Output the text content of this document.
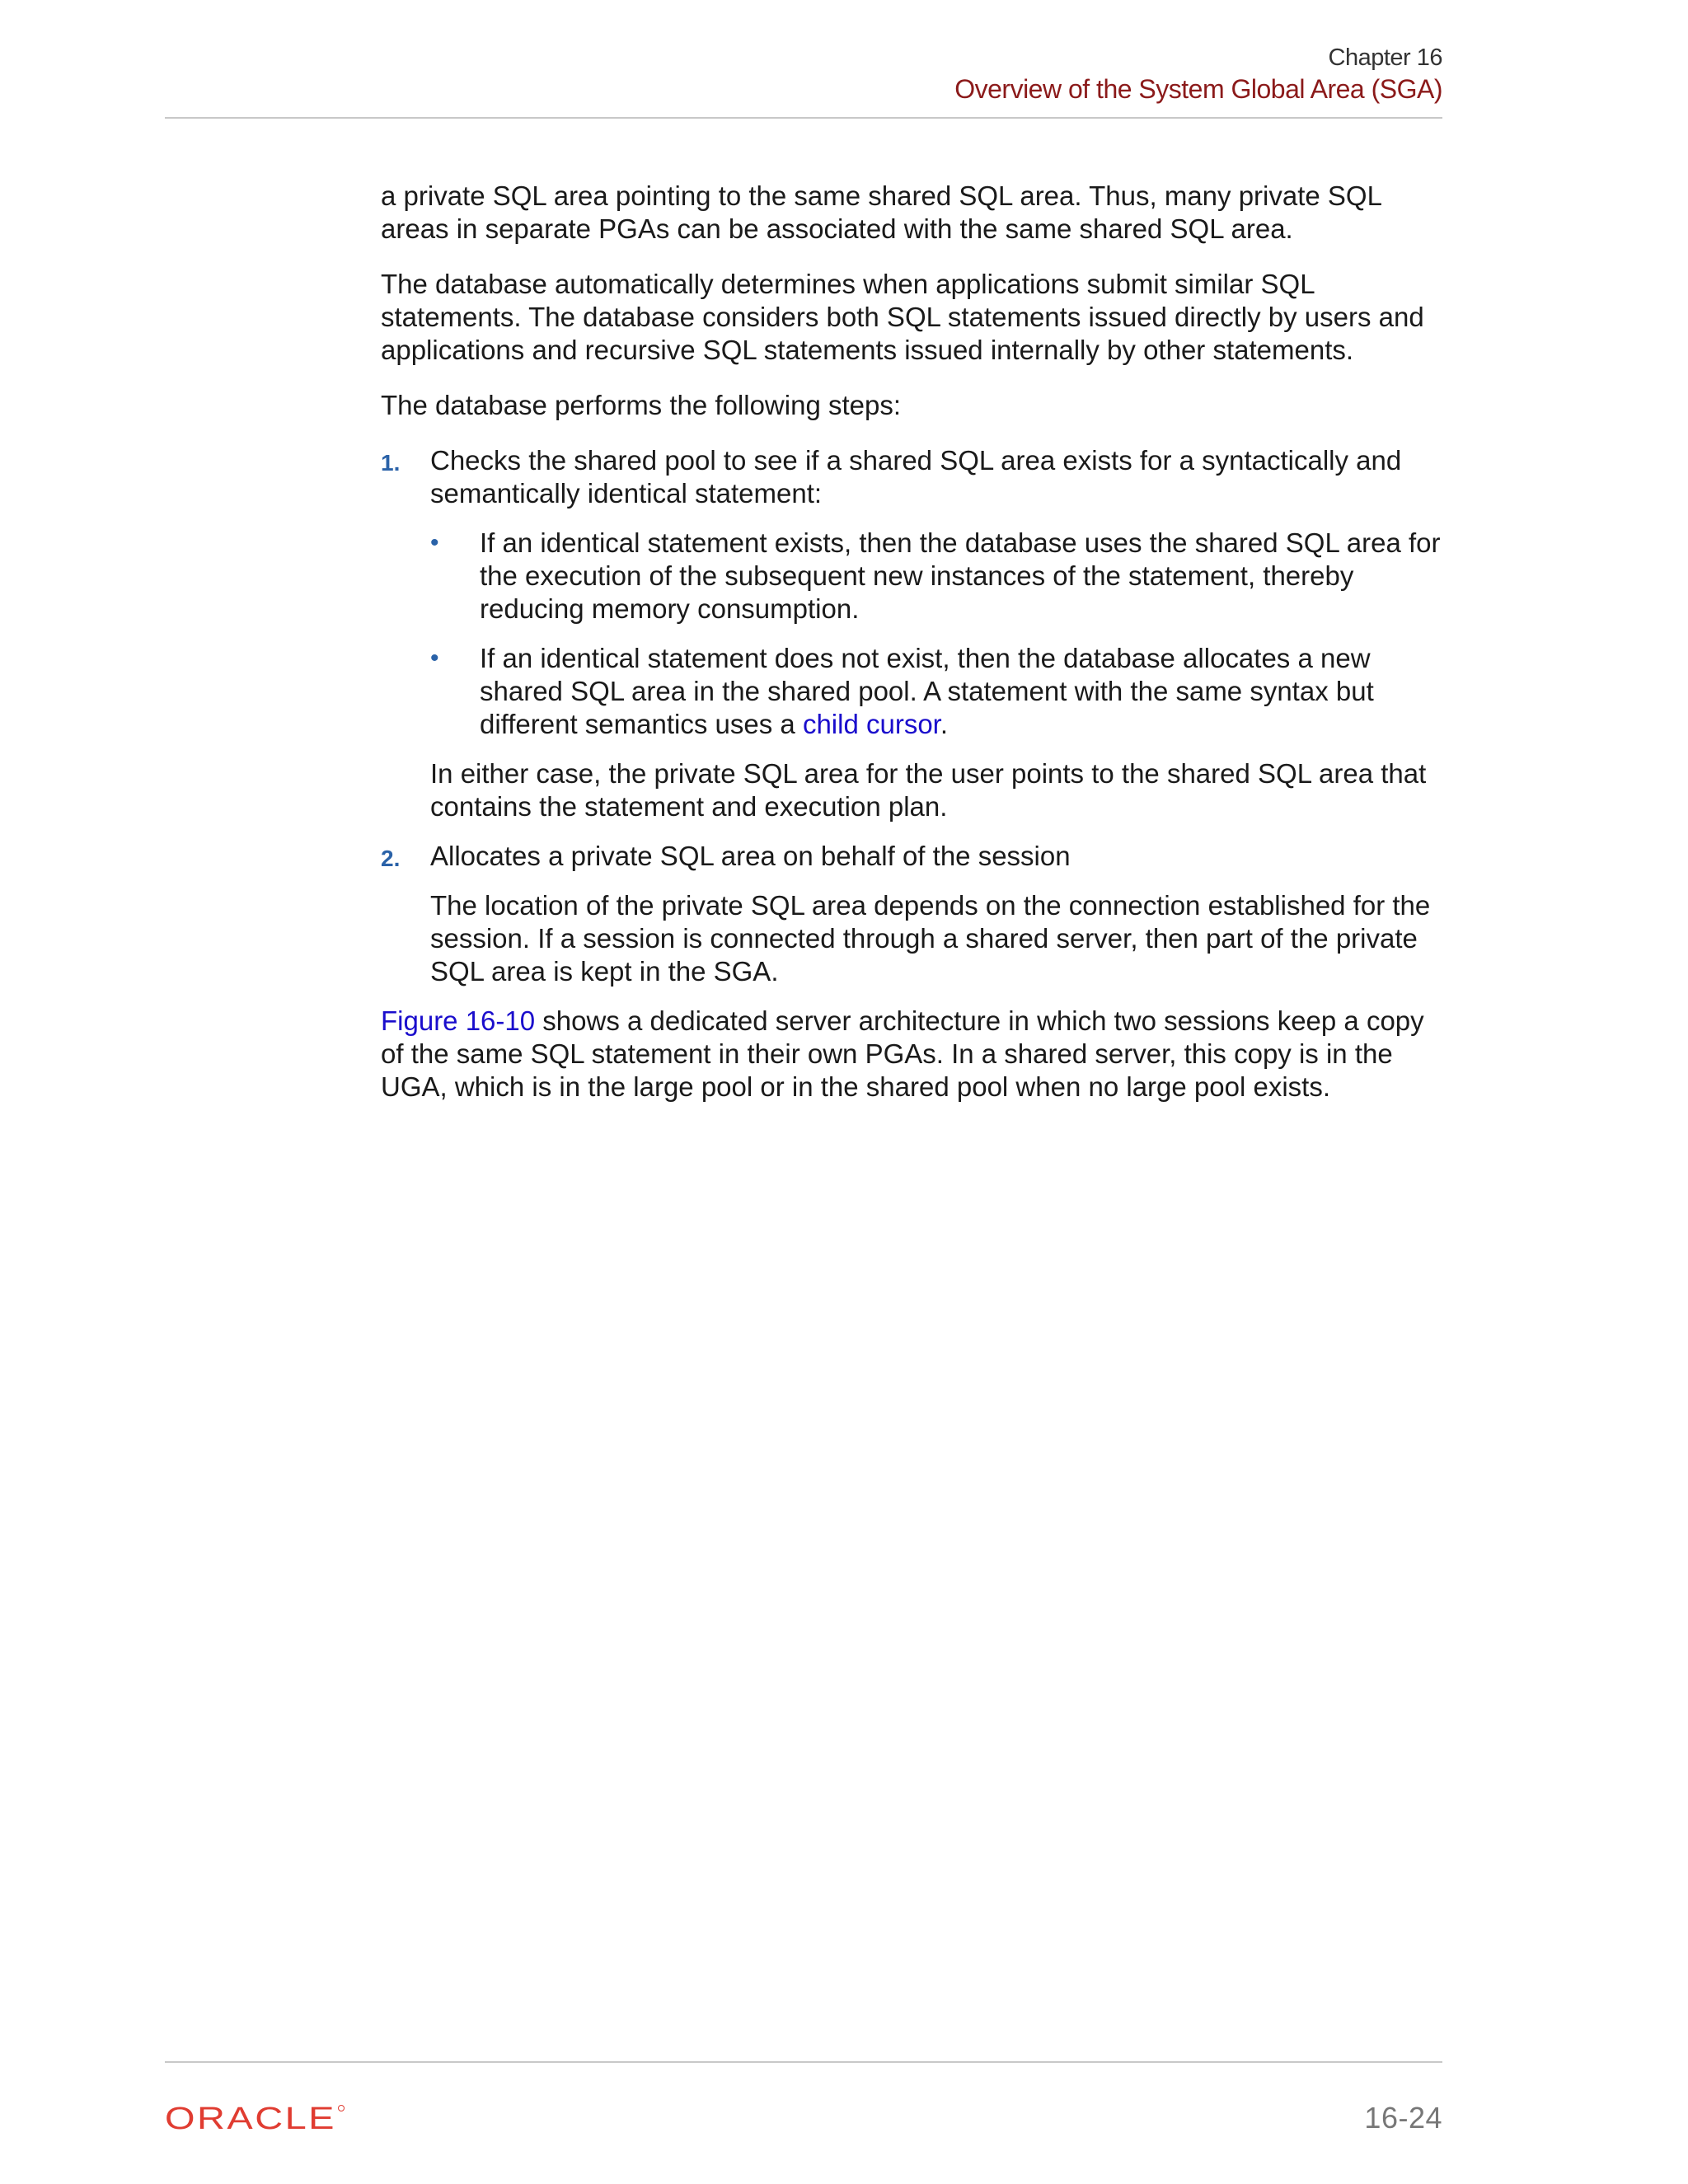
Chapter 16
Overview of the System Global Area (SGA)

a private SQL area pointing to the same shared SQL area. Thus, many private SQL areas in separate PGAs can be associated with the same shared SQL area.

The database automatically determines when applications submit similar SQL statements. The database considers both SQL statements issued directly by users and applications and recursive SQL statements issued internally by other statements.

The database performs the following steps:

1. Checks the shared pool to see if a shared SQL area exists for a syntactically and semantically identical statement:

• If an identical statement exists, then the database uses the shared SQL area for the execution of the subsequent new instances of the statement, thereby reducing memory consumption.
• If an identical statement does not exist, then the database allocates a new shared SQL area in the shared pool. A statement with the same syntax but different semantics uses a child cursor.

In either case, the private SQL area for the user points to the shared SQL area that contains the statement and execution plan.

2. Allocates a private SQL area on behalf of the session

The location of the private SQL area depends on the connection established for the session. If a session is connected through a shared server, then part of the private SQL area is kept in the SGA.

Figure 16-10 shows a dedicated server architecture in which two sessions keep a copy of the same SQL statement in their own PGAs. In a shared server, this copy is in the UGA, which is in the large pool or in the shared pool when no large pool exists.

ORACLE	16-24
